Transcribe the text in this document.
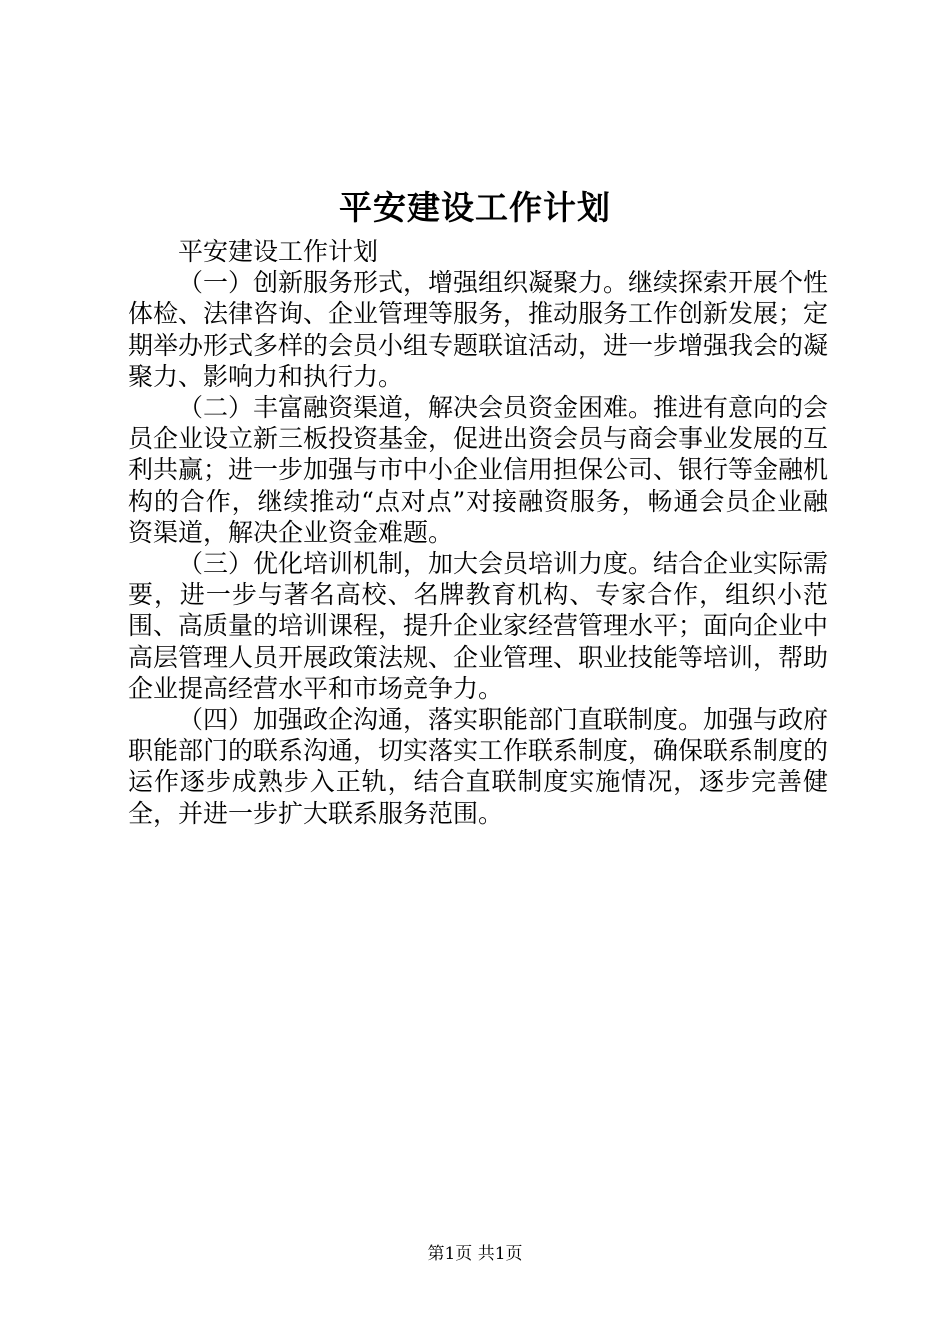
平安建设工作计划

平安建设工作计划

（一）创新服务形式，增强组织凝聚力。继续探索开展个性体检、法律咨询、企业管理等服务，推动服务工作创新发展；定期举办形式多样的会员小组专题联谊活动，进一步增强我会的凝聚力、影响力和执行力。

（二）丰富融资渠道，解决会员资金困难。推进有意向的会员企业设立新三板投资基金，促进出资会员与商会事业发展的互利共赢；进一步加强与市中小企业信用担保公司、银行等金融机构的合作，继续推动“点对点”对接融资服务，畅通会员企业融资渠道，解决企业资金难题。

（三）优化培训机制，加大会员培训力度。结合企业实际需要，进一步与著名高校、名牌教育机构、专家合作，组织小范围、高质量的培训课程，提升企业家经营管理水平；面向企业中高层管理人员开展政策法规、企业管理、职业技能等培训，帮助企业提高经营水平和市场竞争力。

（四）加强政企沟通，落实职能部门直联制度。加强与政府职能部门的联系沟通，切实落实工作联系制度，确保联系制度的运作逐步成熟步入正轨，结合直联制度实施情况，逐步完善健全，并进一步扩大联系服务范围。

第1页 共1页
